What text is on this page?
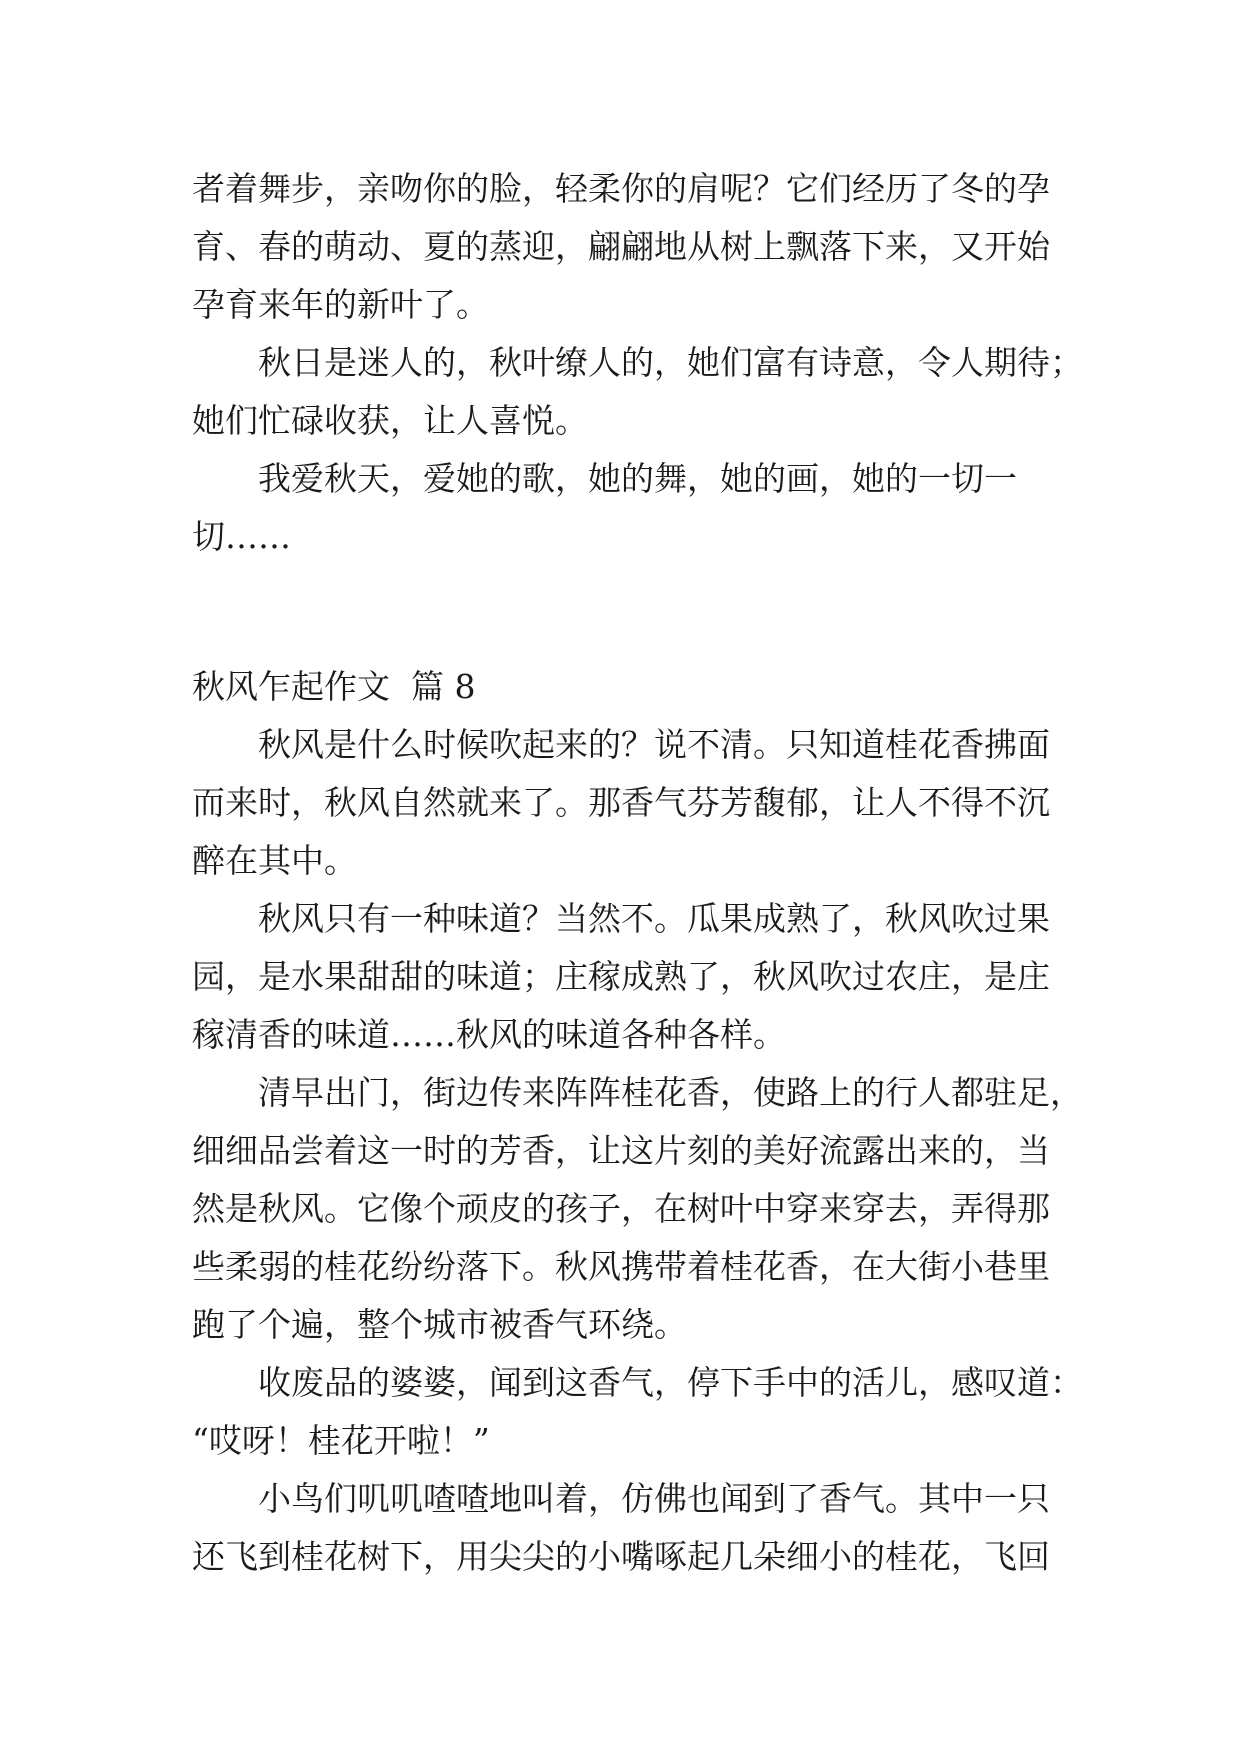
者着舞步，亲吻你的脸，轻柔你的肩呢？它们经历了冬的孕
育、春的萌动、夏的蒸迎，翩翩地从树上飘落下来，又开始
孕育来年的新叶了。
秋日是迷人的，秋叶缭人的，她们富有诗意，令人期待；
她们忙碌收获，让人喜悦。
我爱秋天，爱她的歌，她的舞，她的画，她的一切一
切……
秋风乍起作文  篇 8
秋风是什么时候吹起来的？说不清。只知道桂花香拂面
而来时，秋风自然就来了。那香气芬芳馥郁，让人不得不沉
醉在其中。
秋风只有一种味道？当然不。瓜果成熟了，秋风吹过果
园，是水果甜甜的味道；庄稼成熟了，秋风吹过农庄，是庄
稼清香的味道……秋风的味道各种各样。
清早出门，街边传来阵阵桂花香，使路上的行人都驻足，
细细品尝着这一时的芳香，让这片刻的美好流露出来的，当
然是秋风。它像个顽皮的孩子，在树叶中穿来穿去，弄得那
些柔弱的桂花纷纷落下。秋风携带着桂花香，在大街小巷里
跑了个遍，整个城市被香气环绕。
收废品的婆婆，闻到这香气，停下手中的活儿，感叹道：
“哎呀！桂花开啦！”
小鸟们叽叽喳喳地叫着，仿佛也闻到了香气。其中一只
还飞到桂花树下，用尖尖的小嘴啄起几朵细小的桂花，飞回
